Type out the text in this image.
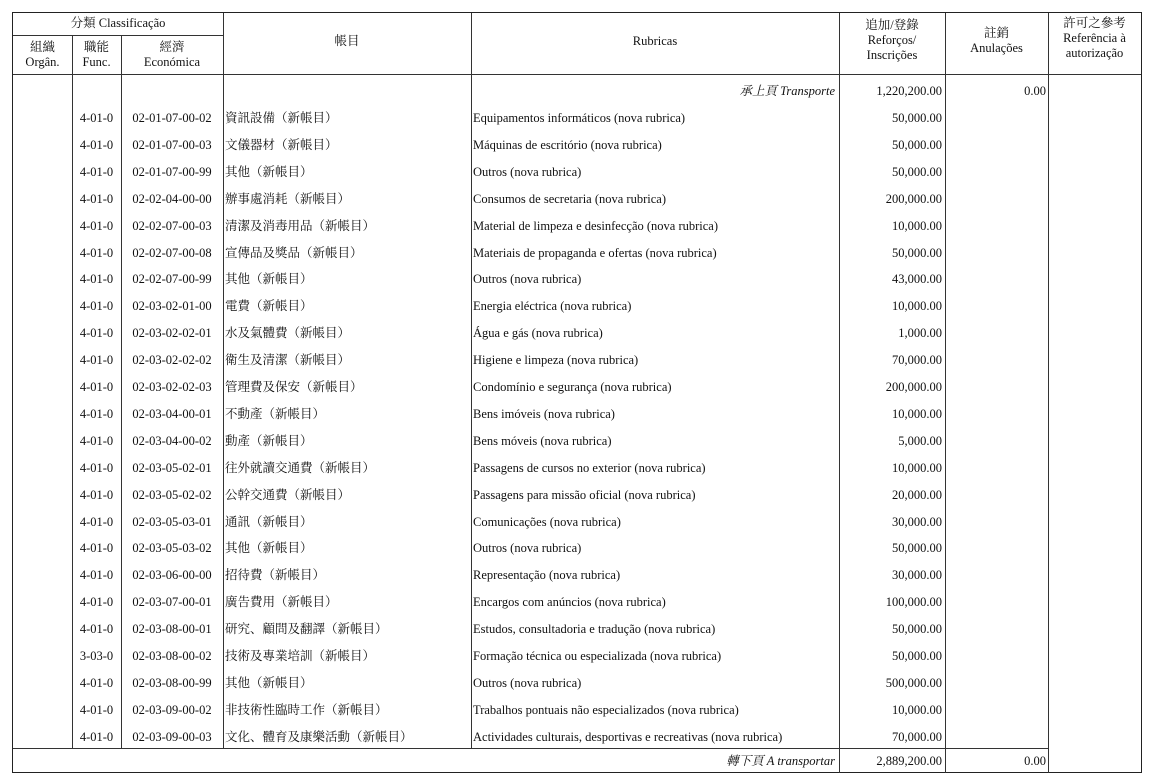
分類 Classificação
組織
Orgân.
職能
Func.
經濟
Económica
帳目	Rubricas
追加/登錄
Reforços/
Inscrições
註銷
Anulações
許可之參考
Referência à
autorização
承上頁 Transporte	1,220,200.00	0.00
4-01-0	02-01-07-00-02	資訊設備（新帳目）	Equipamentos informáticos (nova rubrica)	50,000.00
4-01-0	02-01-07-00-03	文儀器材（新帳目）	Máquinas de escritório (nova rubrica)	50,000.00
4-01-0	02-01-07-00-99	其他（新帳目）	Outros (nova rubrica)	50,000.00
4-01-0	02-02-04-00-00	辦事處消耗（新帳目）	Consumos de secretaria (nova rubrica)	200,000.00
4-01-0	02-02-07-00-03	清潔及消毒用品（新帳目）	Material de limpeza e desinfecção (nova rubrica)	10,000.00
4-01-0	02-02-07-00-08	宣傳品及獎品（新帳目）	Materiais de propaganda e ofertas (nova rubrica)	50,000.00
4-01-0	02-02-07-00-99	其他（新帳目）	Outros (nova rubrica)	43,000.00
4-01-0	02-03-02-01-00	電費（新帳目）	Energia eléctrica (nova rubrica)	10,000.00
4-01-0	02-03-02-02-01	水及氣體費（新帳目）	Água e gás (nova rubrica)	1,000.00
4-01-0	02-03-02-02-02	衛生及清潔（新帳目）	Higiene e limpeza (nova rubrica)	70,000.00
4-01-0	02-03-02-02-03	管理費及保安（新帳目）	Condomínio e segurança (nova rubrica)	200,000.00
4-01-0	02-03-04-00-01	不動產（新帳目）	Bens imóveis (nova rubrica)	10,000.00
4-01-0	02-03-04-00-02	動產（新帳目）	Bens móveis (nova rubrica)	5,000.00
4-01-0	02-03-05-02-01	往外就讀交通費（新帳目）	Passagens de cursos no exterior (nova rubrica)	10,000.00
4-01-0	02-03-05-02-02	公幹交通費（新帳目）	Passagens para missão oficial (nova rubrica)	20,000.00
4-01-0	02-03-05-03-01	通訊（新帳目）	Comunicações (nova rubrica)	30,000.00
4-01-0	02-03-05-03-02	其他（新帳目）	Outros (nova rubrica)	50,000.00
4-01-0	02-03-06-00-00	招待費（新帳目）	Representação (nova rubrica)	30,000.00
4-01-0	02-03-07-00-01	廣告費用（新帳目）	Encargos com anúncios (nova rubrica)	100,000.00
4-01-0	02-03-08-00-01	研究、顧問及翻譯（新帳目）	Estudos, consultadoria e tradução (nova rubrica)	50,000.00
3-03-0	02-03-08-00-02	技術及專業培訓（新帳目）	Formação técnica ou especializada (nova rubrica)	50,000.00
4-01-0	02-03-08-00-99	其他（新帳目）	Outros (nova rubrica)	500,000.00
4-01-0	02-03-09-00-02	非技術性臨時工作（新帳目）	Trabalhos pontuais não especializados (nova rubrica)	10,000.00
4-01-0	02-03-09-00-03	文化、體育及康樂活動（新帳目）	Actividades culturais, desportivas e recreativas (nova rubrica)	70,000.00
轉下頁 A transportar	2,889,200.00	0.00
